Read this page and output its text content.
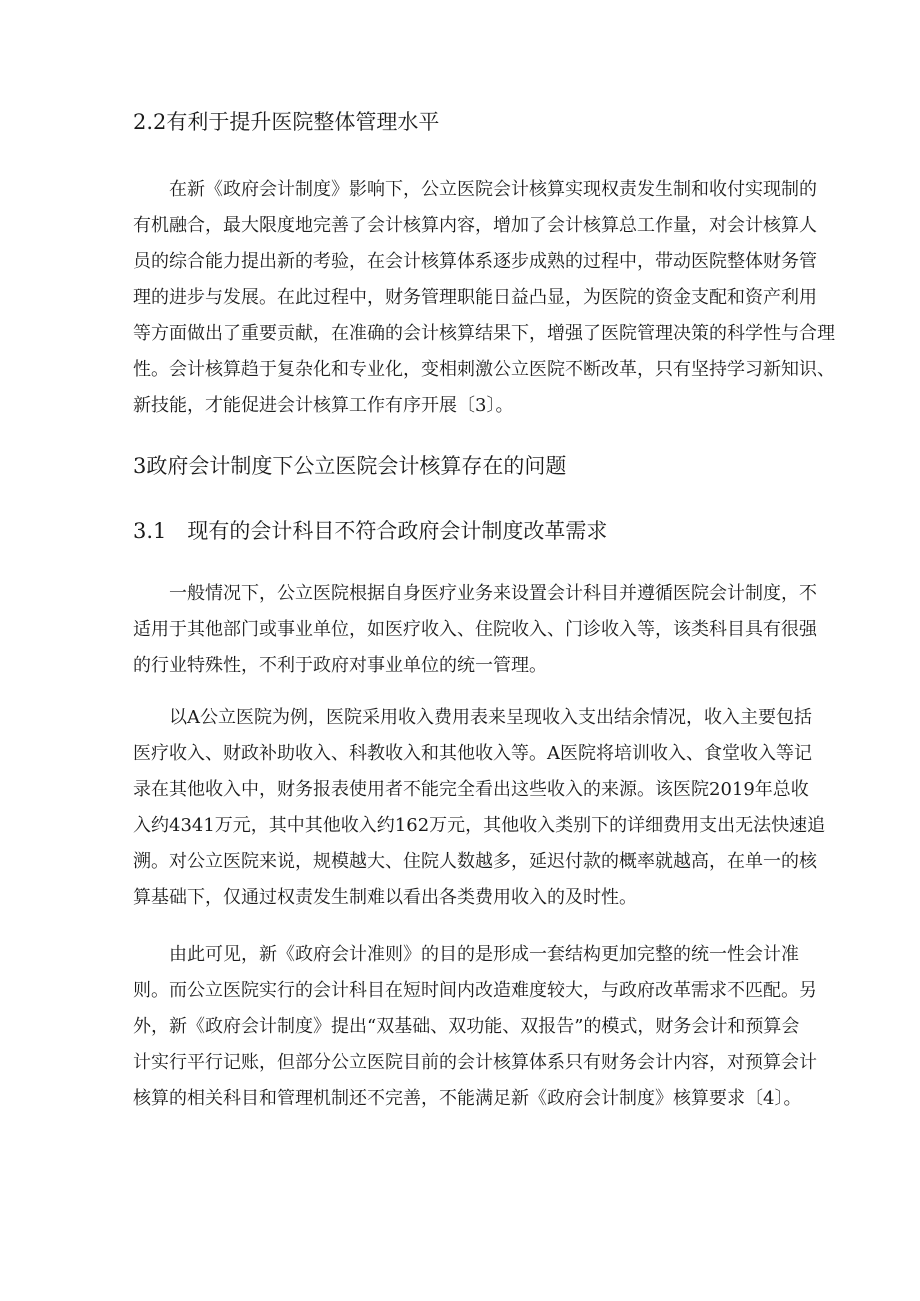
2.2有利于提升医院整体管理水平
在新《政府会计制度》影响下，公立医院会计核算实现权责发生制和收付实现制的
有机融合，最大限度地完善了会计核算内容，增加了会计核算总工作量，对会计核算人
员的综合能力提出新的考验，在会计核算体系逐步成熟的过程中，带动医院整体财务管
理的进步与发展。在此过程中，财务管理职能日益凸显，为医院的资金支配和资产利用
等方面做出了重要贡献，在准确的会计核算结果下，增强了医院管理决策的科学性与合理
性。会计核算趋于复杂化和专业化，变相刺激公立医院不断改革，只有坚持学习新知识、
新技能，才能促进会计核算工作有序开展〔3〕。
3政府会计制度下公立医院会计核算存在的问题
3.1　现有的会计科目不符合政府会计制度改革需求
一般情况下，公立医院根据自身医疗业务来设置会计科目并遵循医院会计制度，不
适用于其他部门或事业单位，如医疗收入、住院收入、门诊收入等，该类科目具有很强
的行业特殊性，不利于政府对事业单位的统一管理。
以A公立医院为例，医院采用收入费用表来呈现收入支出结余情况，收入主要包括
医疗收入、财政补助收入、科教收入和其他收入等。A医院将培训收入、食堂收入等记
录在其他收入中，财务报表使用者不能完全看出这些收入的来源。该医院2019年总收
入约4341万元，其中其他收入约162万元，其他收入类别下的详细费用支出无法快速追
溯。对公立医院来说，规模越大、住院人数越多，延迟付款的概率就越高，在单一的核
算基础下，仅通过权责发生制难以看出各类费用收入的及时性。
由此可见，新《政府会计准则》的目的是形成一套结构更加完整的统一性会计准
则。而公立医院实行的会计科目在短时间内改造难度较大，与政府改革需求不匹配。另
外，新《政府会计制度》提出“双基础、双功能、双报告”的模式，财务会计和预算会
计实行平行记账，但部分公立医院目前的会计核算体系只有财务会计内容，对预算会计
核算的相关科目和管理机制还不完善，不能满足新《政府会计制度》核算要求〔4〕。
